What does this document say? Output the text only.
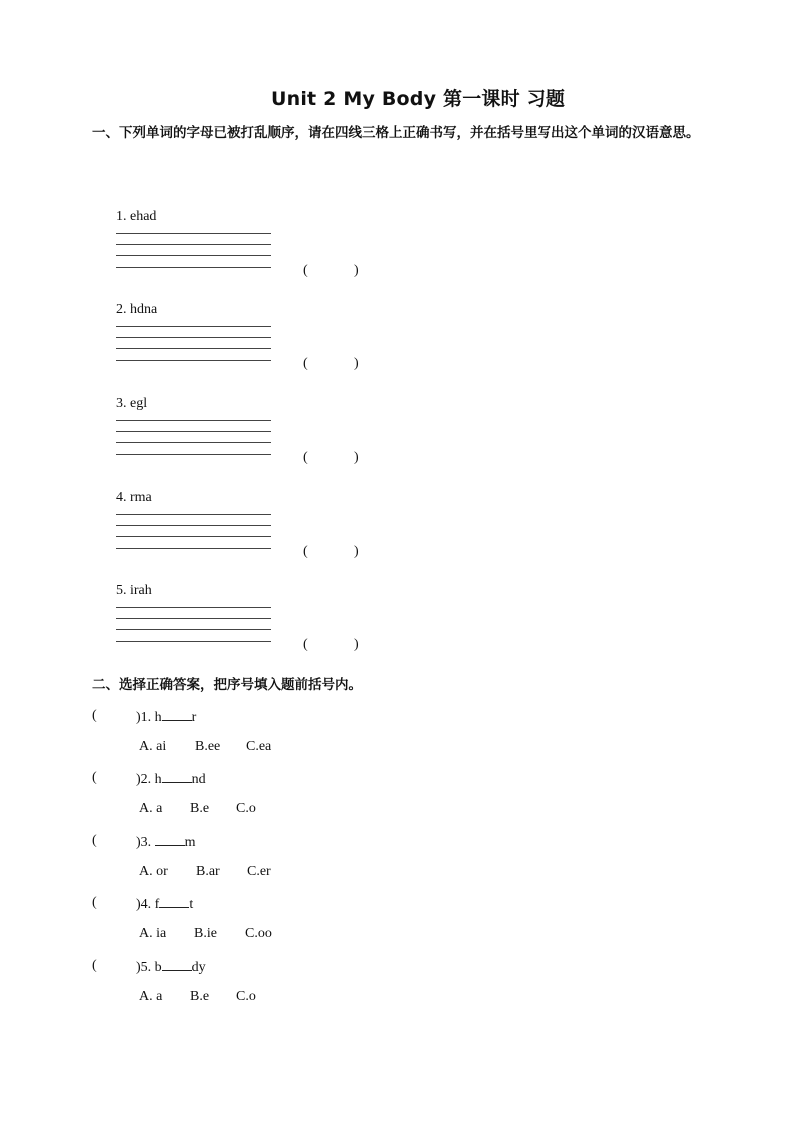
Unit 2 My Body 第一课时 习题
一、下列单词的字母已被打乱顺序，请在四线三格上正确书写，并在括号里写出这个单词的汉语意思。
1. ehad
(	)
2. hdna
(	)
3. egl
(	)
4. rma
(	)
5. irah
(	)
二、选择正确答案，把序号填入题前括号内。
(	)1. h r
A. ai B.ee C.ea
(	)2. h nd
A. a B.e C.o
(	)3. m
A. or B.ar C.er
(	)4. f t
A. ia B.ie C.oo
(	)5. b dy
A. a B.e C.o
